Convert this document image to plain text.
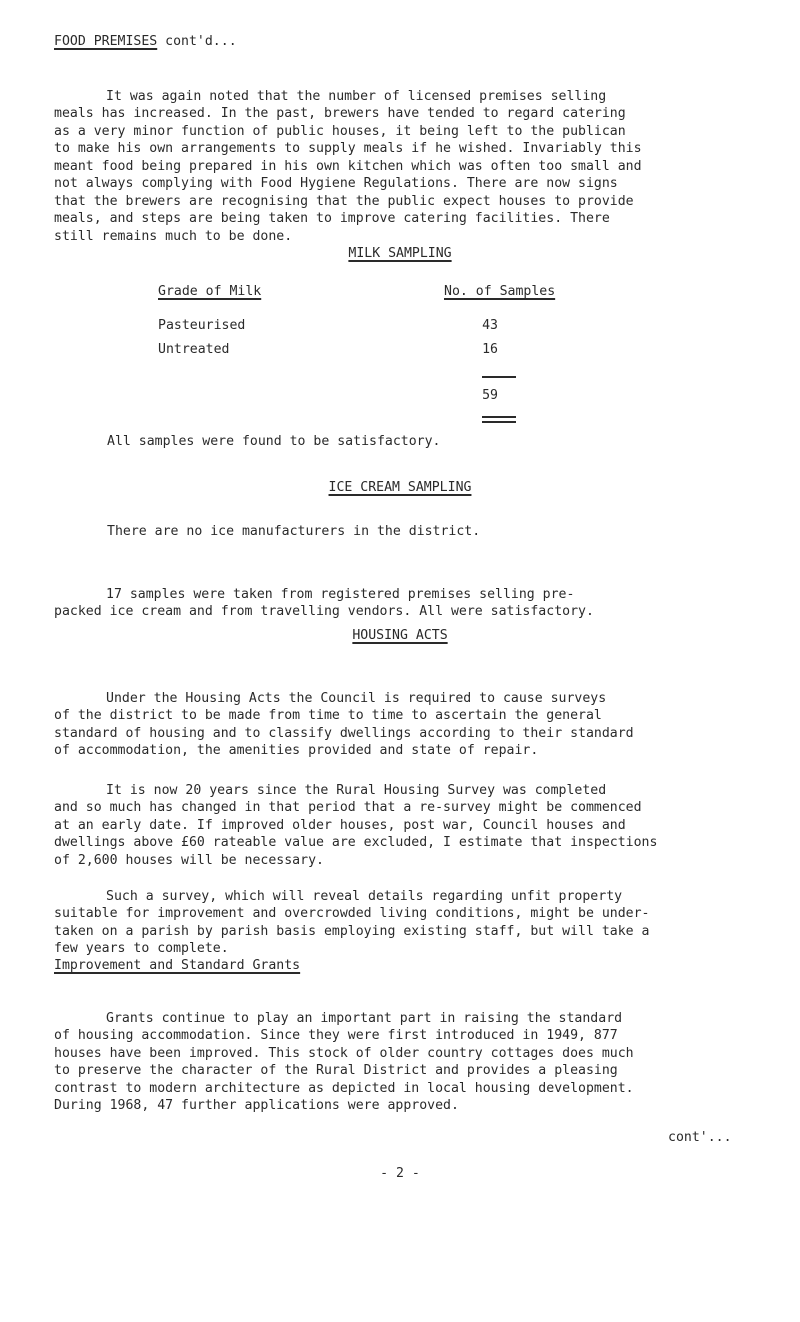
FOOD PREMISES cont'd...

It was again noted that the number of licensed premises selling
meals has increased. In the past, brewers have tended to regard catering
as a very minor function of public houses, it being left to the publican
to make his own arrangements to supply meals if he wished. Invariably this
meant food being prepared in his own kitchen which was often too small and
not always complying with Food Hygiene Regulations. There are now signs
that the brewers are recognising that the public expect houses to provide
meals, and steps are being taken to improve catering facilities. There
still remains much to be done.

MILK SAMPLING
Grade of Milk	No. of Samples
Pasteurised	43
Untreated	16
59
All samples were found to be satisfactory.
ICE CREAM SAMPLING
There are no ice manufacturers in the district.

17 samples were taken from registered premises selling pre-
packed ice cream and from travelling vendors. All were satisfactory.

HOUSING ACTS

Under the Housing Acts the Council is required to cause surveys
of the district to be made from time to time to ascertain the general
standard of housing and to classify dwellings according to their standard
of accommodation, the amenities provided and state of repair.

It is now 20 years since the Rural Housing Survey was completed
and so much has changed in that period that a re-survey might be commenced
at an early date. If improved older houses, post war, Council houses and
dwellings above £60 rateable value are excluded, I estimate that inspections
of 2,600 houses will be necessary.

Such a survey, which will reveal details regarding unfit property
suitable for improvement and overcrowded living conditions, might be under-
taken on a parish by parish basis employing existing staff, but will take a
few years to complete.

Improvement and Standard Grants

Grants continue to play an important part in raising the standard
of housing accommodation. Since they were first introduced in 1949, 877
houses have been improved. This stock of older country cottages does much
to preserve the character of the Rural District and provides a pleasing
contrast to modern architecture as depicted in local housing development.
During 1968, 47 further applications were approved.

cont'...
- 2 -
